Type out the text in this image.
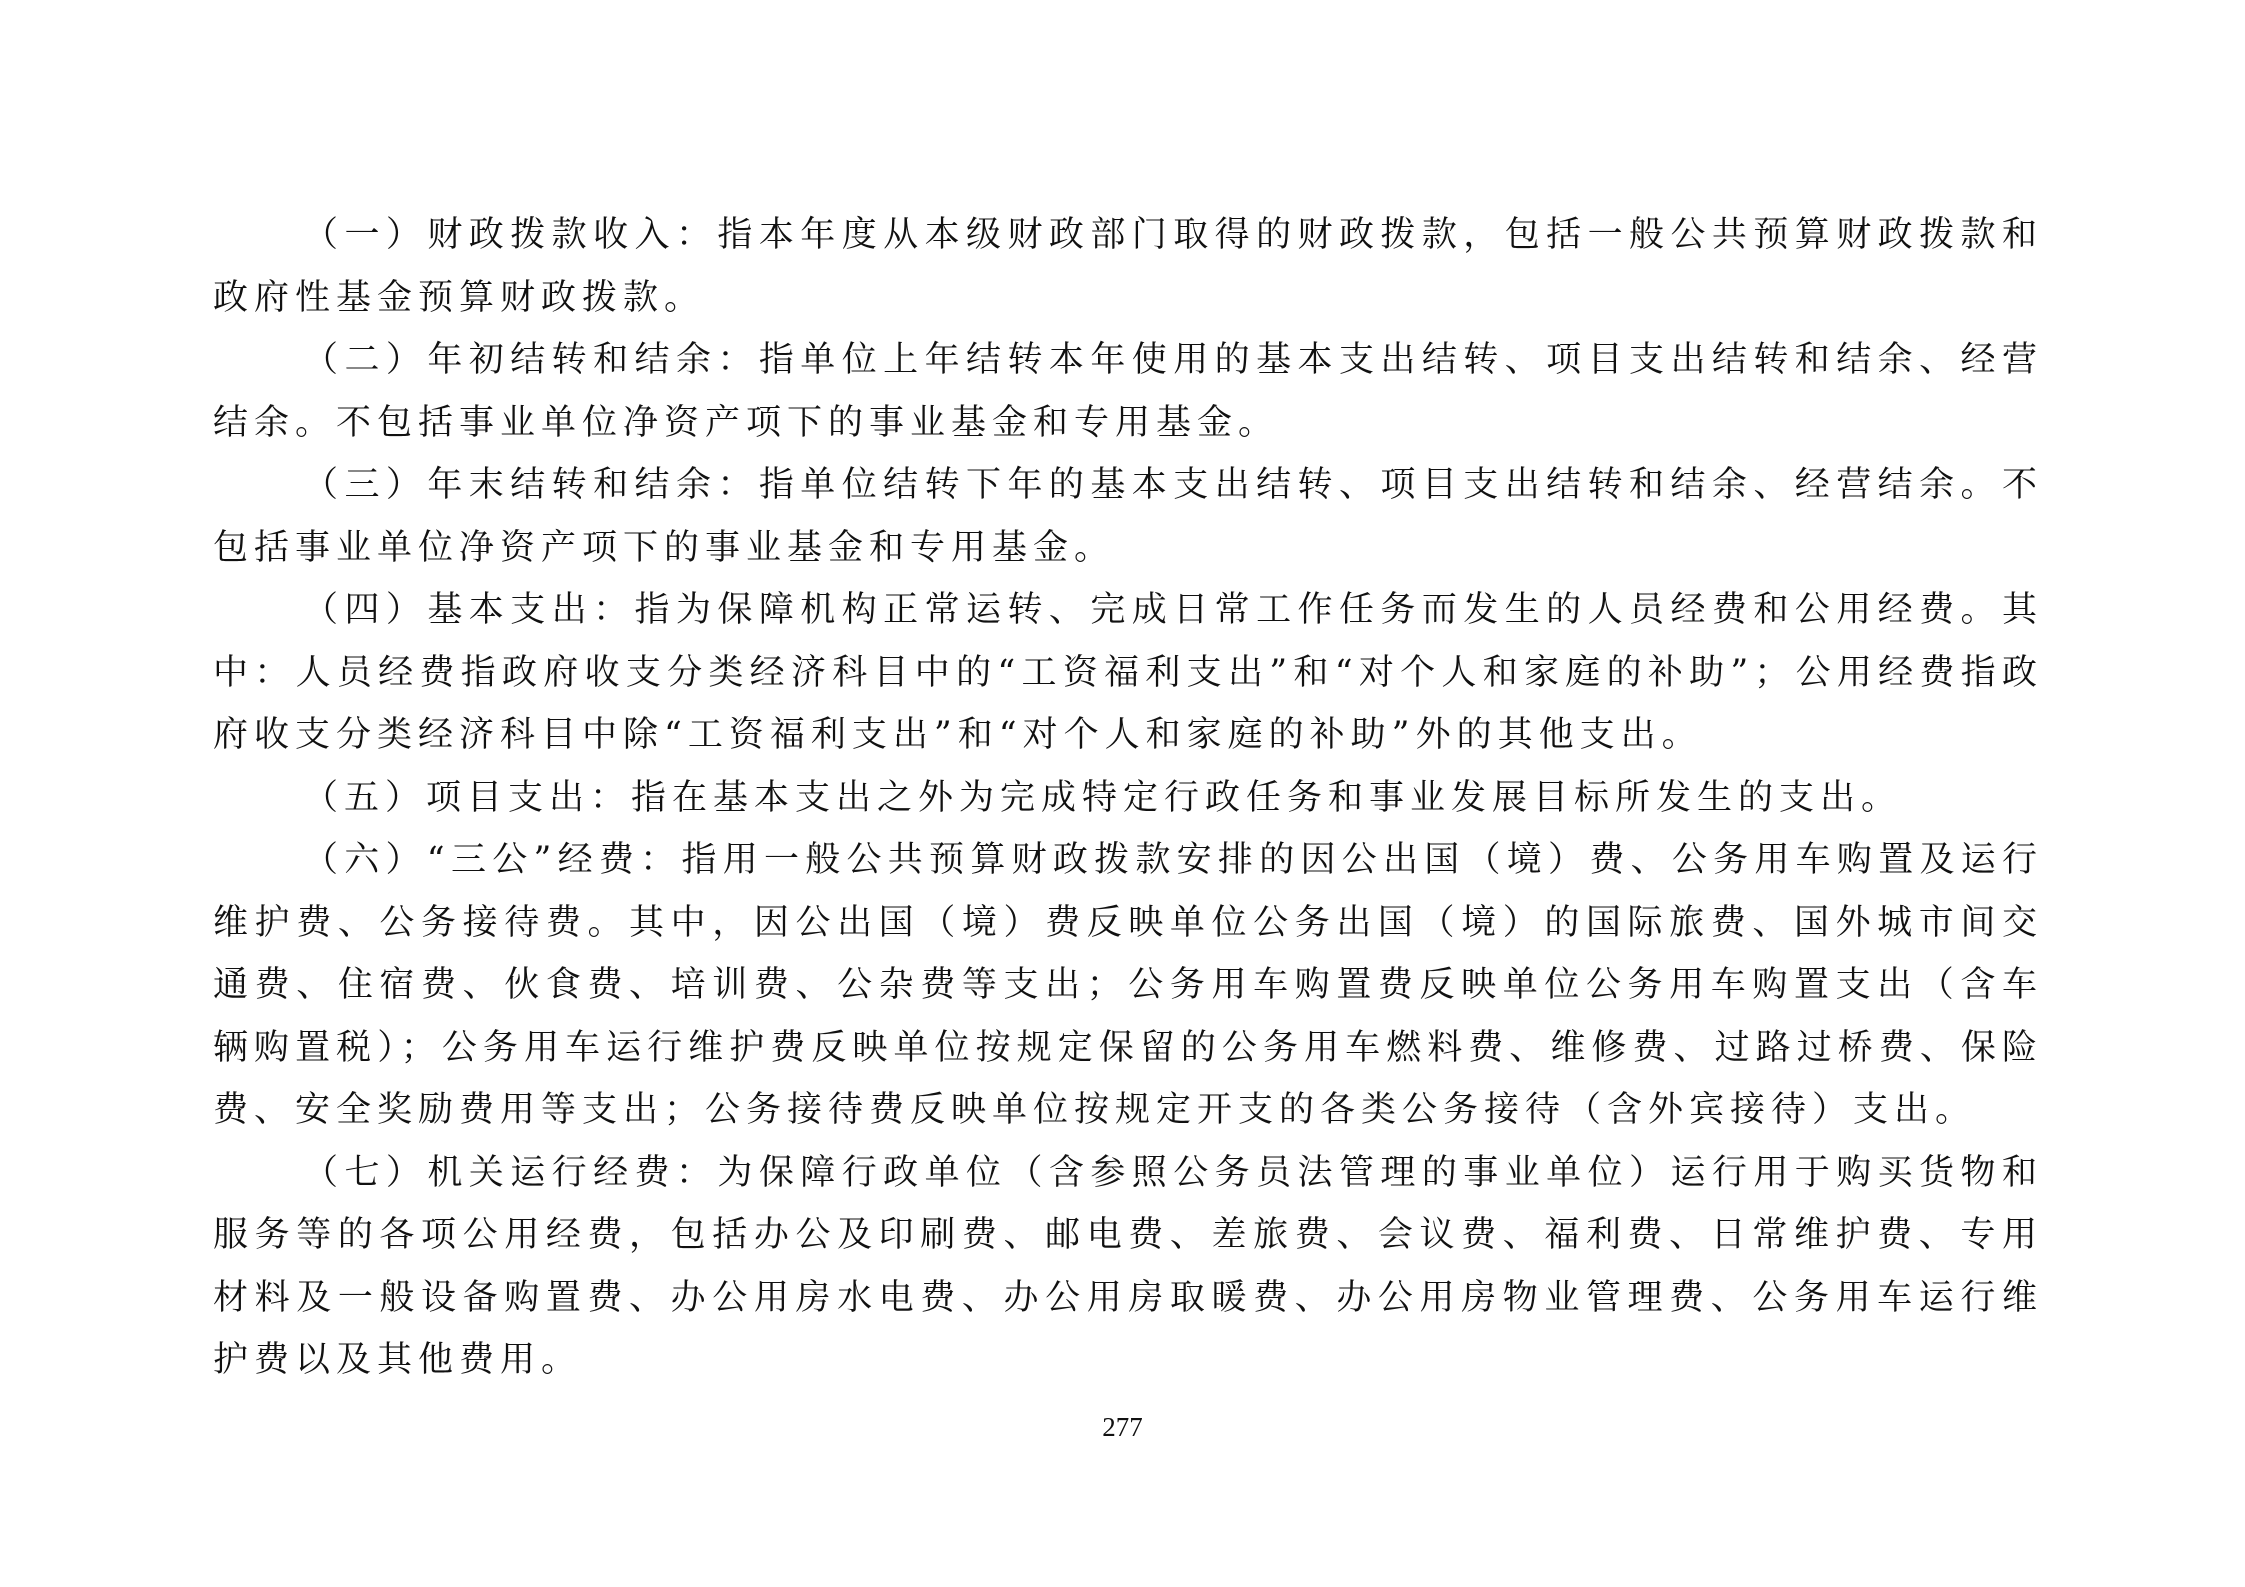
（一）财政拨款收入：指本年度从本级财政部门取得的财政拨款，包括一般公共预算财政拨款和政府性基金预算财政拨款。

（二）年初结转和结余：指单位上年结转本年使用的基本支出结转、项目支出结转和结余、经营结余。不包括事业单位净资产项下的事业基金和专用基金。

（三）年末结转和结余：指单位结转下年的基本支出结转、项目支出结转和结余、经营结余。不包括事业单位净资产项下的事业基金和专用基金。

（四）基本支出：指为保障机构正常运转、完成日常工作任务而发生的人员经费和公用经费。其中：人员经费指政府收支分类经济科目中的“工资福利支出”和“对个人和家庭的补助”；公用经费指政府收支分类经济科目中除“工资福利支出”和“对个人和家庭的补助”外的其他支出。

（五）项目支出：指在基本支出之外为完成特定行政任务和事业发展目标所发生的支出。

（六）“三公”经费：指用一般公共预算财政拨款安排的因公出国（境）费、公务用车购置及运行维护费、公务接待费。其中，因公出国（境）费反映单位公务出国（境）的国际旅费、国外城市间交通费、住宿费、伙食费、培训费、公杂费等支出；公务用车购置费反映单位公务用车购置支出（含车辆购置税）；公务用车运行维护费反映单位按规定保留的公务用车燃料费、维修费、过路过桥费、保险费、安全奖励费用等支出；公务接待费反映单位按规定开支的各类公务接待（含外宾接待）支出。

（七）机关运行经费：为保障行政单位（含参照公务员法管理的事业单位）运行用于购买货物和服务等的各项公用经费，包括办公及印刷费、邮电费、差旅费、会议费、福利费、日常维护费、专用材料及一般设备购置费、办公用房水电费、办公用房取暖费、办公用房物业管理费、公务用车运行维护费以及其他费用。

277
